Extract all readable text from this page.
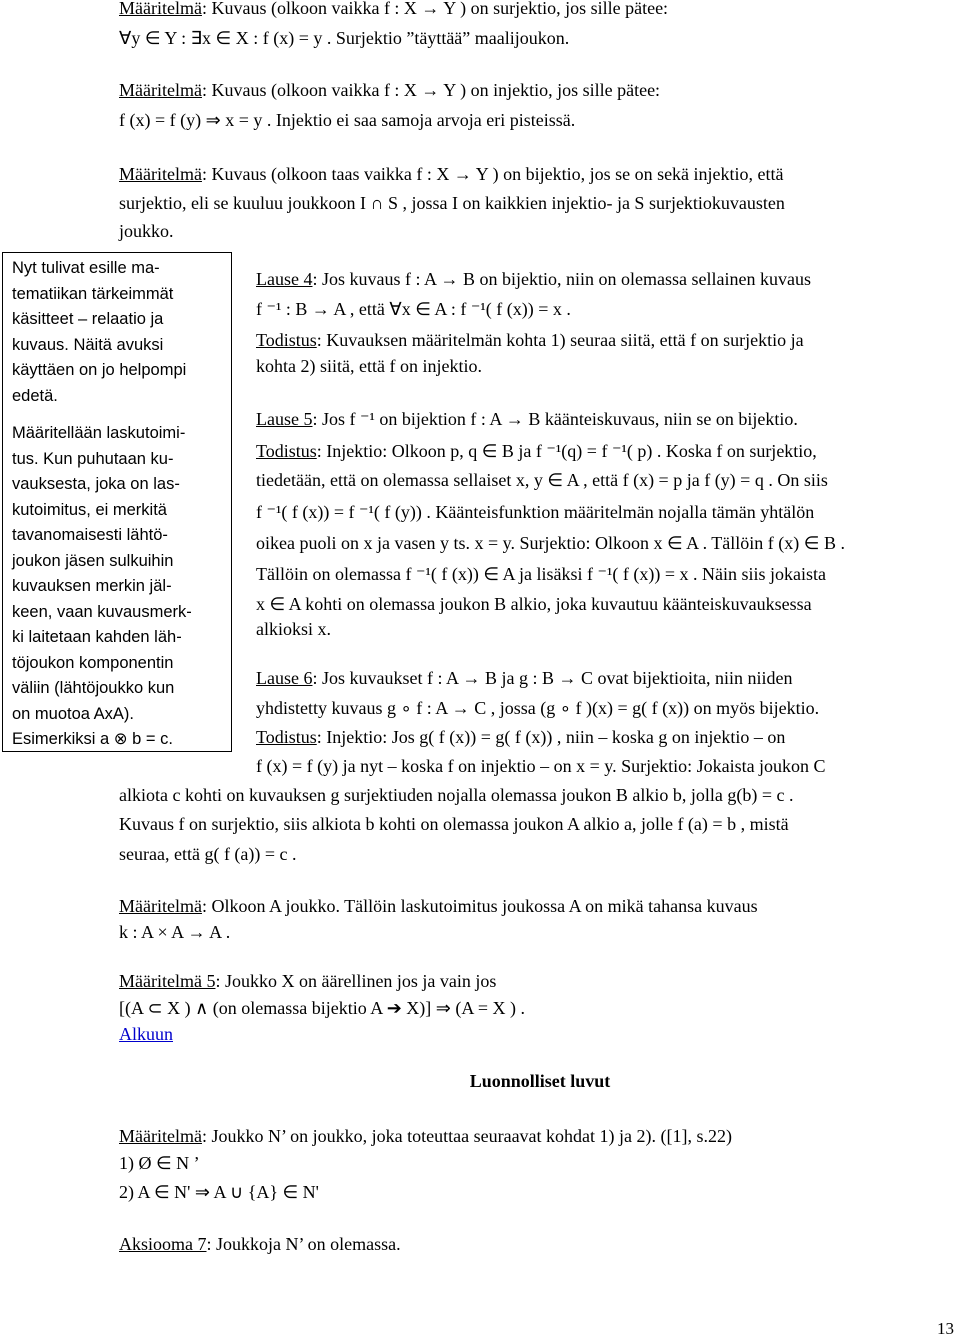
Määritelmä: Kuvaus (olkoon vaikka f : X → Y ) on surjektio, jos sille pätee:
∀y ∈ Y : ∃x ∈ X : f (x) = y . Surjektio ”täyttää” maalijoukon.
Määritelmä: Kuvaus (olkoon vaikka f : X → Y ) on injektio, jos sille pätee:
f (x) = f (y) ⇒ x = y . Injektio ei saa samoja arvoja eri pisteissä.
Määritelmä: Kuvaus (olkoon taas vaikka f : X → Y ) on bijektio, jos se on sekä injektio, että
surjektio, eli se kuuluu joukkoon I ∩ S , jossa I on kaikkien injektio- ja S surjektiokuvausten
joukko.
Nyt tulivat esille ma-
tematiikan tärkeimmät
käsitteet – relaatio ja
kuvaus. Näitä avuksi
käyttäen on jo helpompi
edetä.
Määritellään laskutoimi-
tus. Kun puhutaan ku-
vauksesta, joka on las-
kutoimitus, ei merkitä
tavanomaisesti lähtö-
joukon jäsen sulkuihin
kuvauksen merkin jäl-
keen, vaan kuvausmerk-
ki laitetaan kahden läh-
töjoukon komponentin
väliin (lähtöjoukko kun
on muotoa AxA).
Esimerkiksi a ⊗ b = c.
Lause 4: Jos kuvaus f : A → B on bijektio, niin on olemassa sellainen kuvaus
f ⁻¹ : B → A , että ∀x ∈ A : f ⁻¹( f (x)) = x .
Todistus: Kuvauksen määritelmän kohta 1) seuraa siitä, että f on surjektio ja
kohta 2) siitä, että f on injektio.
Lause 5: Jos f ⁻¹ on bijektion f : A → B käänteiskuvaus, niin se on bijektio.
Todistus: Injektio: Olkoon p, q ∈ B ja f ⁻¹(q) = f ⁻¹( p) . Koska f on surjektio,
tiedetään, että on olemassa sellaiset x, y ∈ A , että f (x) = p ja f (y) = q . On siis
f ⁻¹( f (x)) = f ⁻¹( f (y)) . Käänteisfunktion määritelmän nojalla tämän yhtälön
oikea puoli on x ja vasen y ts. x = y. Surjektio: Olkoon x ∈ A . Tällöin f (x) ∈ B .
Tällöin on olemassa f ⁻¹( f (x)) ∈ A ja lisäksi f ⁻¹( f (x)) = x . Näin siis jokaista
x ∈ A kohti on olemassa joukon B alkio, joka kuvautuu käänteiskuvauksessa
alkioksi x.
Lause 6: Jos kuvaukset f : A → B ja g : B → C ovat bijektioita, niin niiden
yhdistetty kuvaus g ∘ f : A → C , jossa (g ∘ f )(x) = g( f (x)) on myös bijektio.
Todistus: Injektio: Jos g( f (x)) = g( f (x)) , niin – koska g on injektio – on
f (x) = f (y) ja nyt – koska f on injektio – on x = y. Surjektio: Jokaista joukon C
alkiota c kohti on kuvauksen g surjektiuden nojalla olemassa joukon B alkio b, jolla g(b) = c .
Kuvaus f on surjektio, siis alkiota b kohti on olemassa joukon A alkio a, jolle f (a) = b , mistä
seuraa, että g( f (a)) = c .
Määritelmä: Olkoon A joukko. Tällöin laskutoimitus joukossa A on mikä tahansa kuvaus
k : A × A → A .
Määritelmä 5: Joukko X on äärellinen jos ja vain jos
[(A ⊂ X ) ∧ (on olemassa bijektio A ➔ X)] ⇒ (A = X ) .
Alkuun
Luonnolliset luvut
Määritelmä: Joukko N’ on joukko, joka toteuttaa seuraavat kohdat 1) ja 2). ([1], s.22)
1) Ø ∈ N ’
2) A ∈ N' ⇒ A ∪ {A} ∈ N'
Aksiooma 7: Joukkoja N’ on olemassa.
13
